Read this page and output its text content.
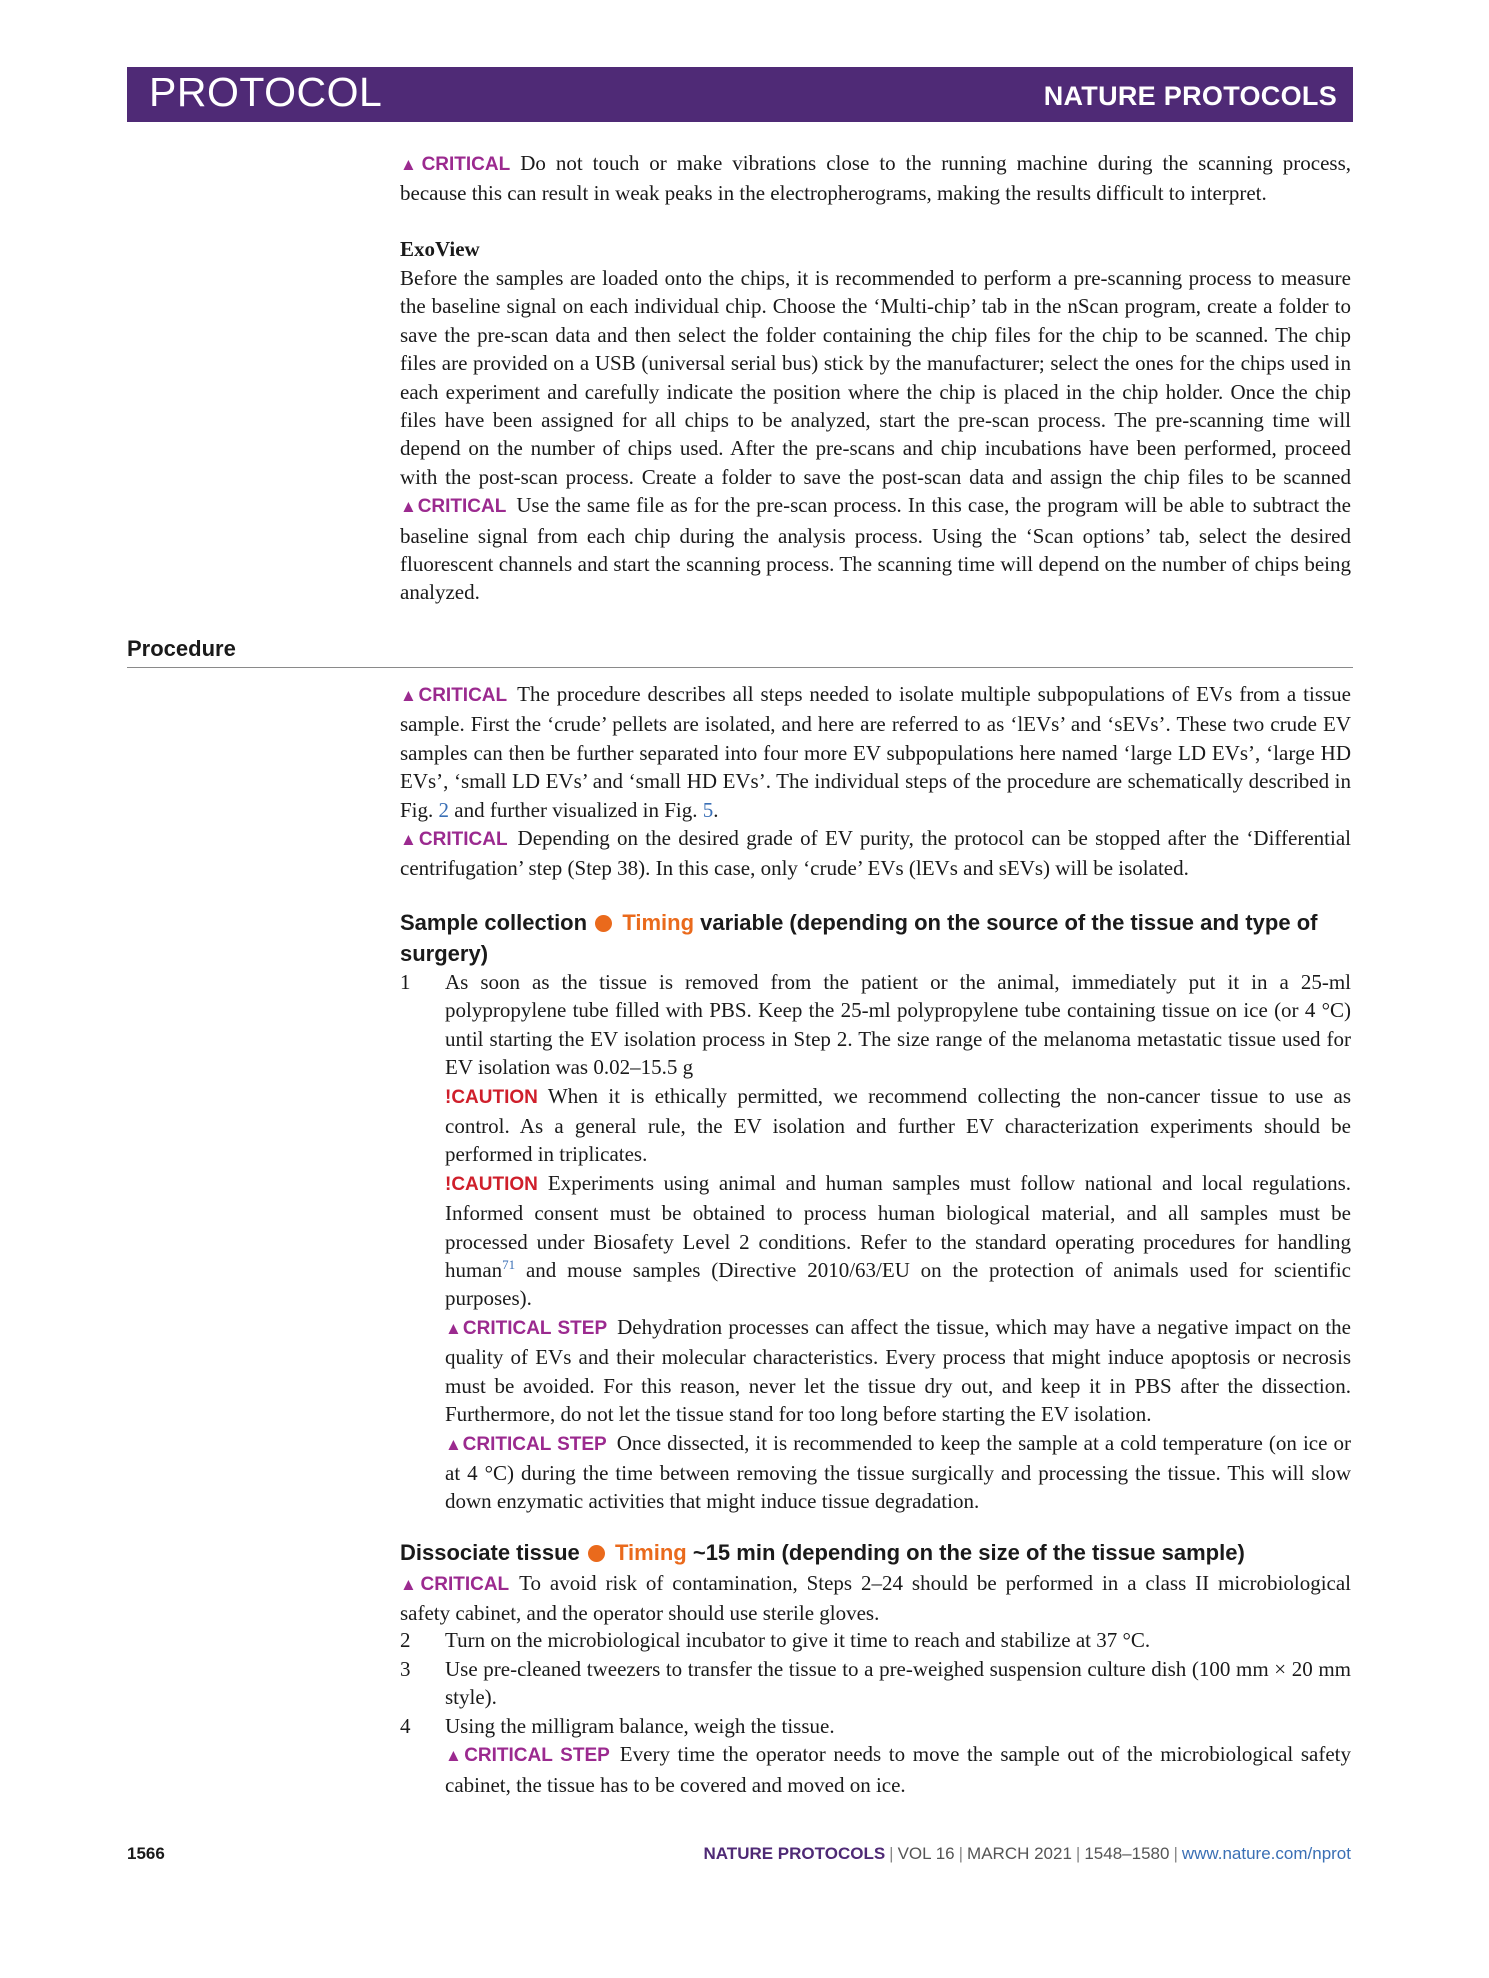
PROTOCOL	NATURE PROTOCOLS
▲CRITICAL Do not touch or make vibrations close to the running machine during the scanning process, because this can result in weak peaks in the electropherograms, making the results difficult to interpret.
ExoView
Before the samples are loaded onto the chips, it is recommended to perform a pre-scanning process to measure the baseline signal on each individual chip. Choose the ‘Multi-chip’ tab in the nScan program, create a folder to save the pre-scan data and then select the folder containing the chip files for the chip to be scanned. The chip files are provided on a USB (universal serial bus) stick by the manufacturer; select the ones for the chips used in each experiment and carefully indicate the position where the chip is placed in the chip holder. Once the chip files have been assigned for all chips to be analyzed, start the pre-scan process. The pre-scanning time will depend on the number of chips used. After the pre-scans and chip incubations have been performed, proceed with the post-scan process. Create a folder to save the post-scan data and assign the chip files to be scanned ▲CRITICAL Use the same file as for the pre-scan process. In this case, the program will be able to subtract the baseline signal from each chip during the analysis process. Using the ‘Scan options’ tab, select the desired fluorescent channels and start the scanning process. The scanning time will depend on the number of chips being analyzed.
Procedure
▲CRITICAL The procedure describes all steps needed to isolate multiple subpopulations of EVs from a tissue sample. First the ‘crude’ pellets are isolated, and here are referred to as ‘lEVs’ and ‘sEVs’. These two crude EV samples can then be further separated into four more EV subpopulations here named ‘large LD EVs’, ‘large HD EVs’, ‘small LD EVs’ and ‘small HD EVs’. The individual steps of the procedure are schematically described in Fig. 2 and further visualized in Fig. 5.
▲CRITICAL Depending on the desired grade of EV purity, the protocol can be stopped after the ‘Differential centrifugation’ step (Step 38). In this case, only ‘crude’ EVs (lEVs and sEVs) will be isolated.
Sample collection Timing variable (depending on the source of the tissue and type of surgery)
1 As soon as the tissue is removed from the patient or the animal, immediately put it in a 25-ml polypropylene tube filled with PBS. Keep the 25-ml polypropylene tube containing tissue on ice (or 4 °C) until starting the EV isolation process in Step 2. The size range of the melanoma metastatic tissue used for EV isolation was 0.02–15.5 g
!CAUTION When it is ethically permitted, we recommend collecting the non-cancer tissue to use as control. As a general rule, the EV isolation and further EV characterization experiments should be performed in triplicates.
!CAUTION Experiments using animal and human samples must follow national and local regulations. Informed consent must be obtained to process human biological material, and all samples must be processed under Biosafety Level 2 conditions. Refer to the standard operating procedures for handling human$^{71}$ and mouse samples (Directive 2010/63/EU on the protection of animals used for scientific purposes).
▲CRITICAL STEP Dehydration processes can affect the tissue, which may have a negative impact on the quality of EVs and their molecular characteristics. Every process that might induce apoptosis or necrosis must be avoided. For this reason, never let the tissue dry out, and keep it in PBS after the dissection. Furthermore, do not let the tissue stand for too long before starting the EV isolation.
▲CRITICAL STEP Once dissected, it is recommended to keep the sample at a cold temperature (on ice or at 4 °C) during the time between removing the tissue surgically and processing the tissue. This will slow down enzymatic activities that might induce tissue degradation.
Dissociate tissue Timing ~15 min (depending on the size of the tissue sample)
▲CRITICAL To avoid risk of contamination, Steps 2–24 should be performed in a class II microbiological safety cabinet, and the operator should use sterile gloves.
2 Turn on the microbiological incubator to give it time to reach and stabilize at 37 °C.
3 Use pre-cleaned tweezers to transfer the tissue to a pre-weighed suspension culture dish (100 mm × 20 mm style).
4 Using the milligram balance, weigh the tissue.
▲CRITICAL STEP Every time the operator needs to move the sample out of the microbiological safety cabinet, the tissue has to be covered and moved on ice.
1566	NATURE PROTOCOLS | VOL 16 | MARCH 2021 | 1548–1580 | www.nature.com/nprot
